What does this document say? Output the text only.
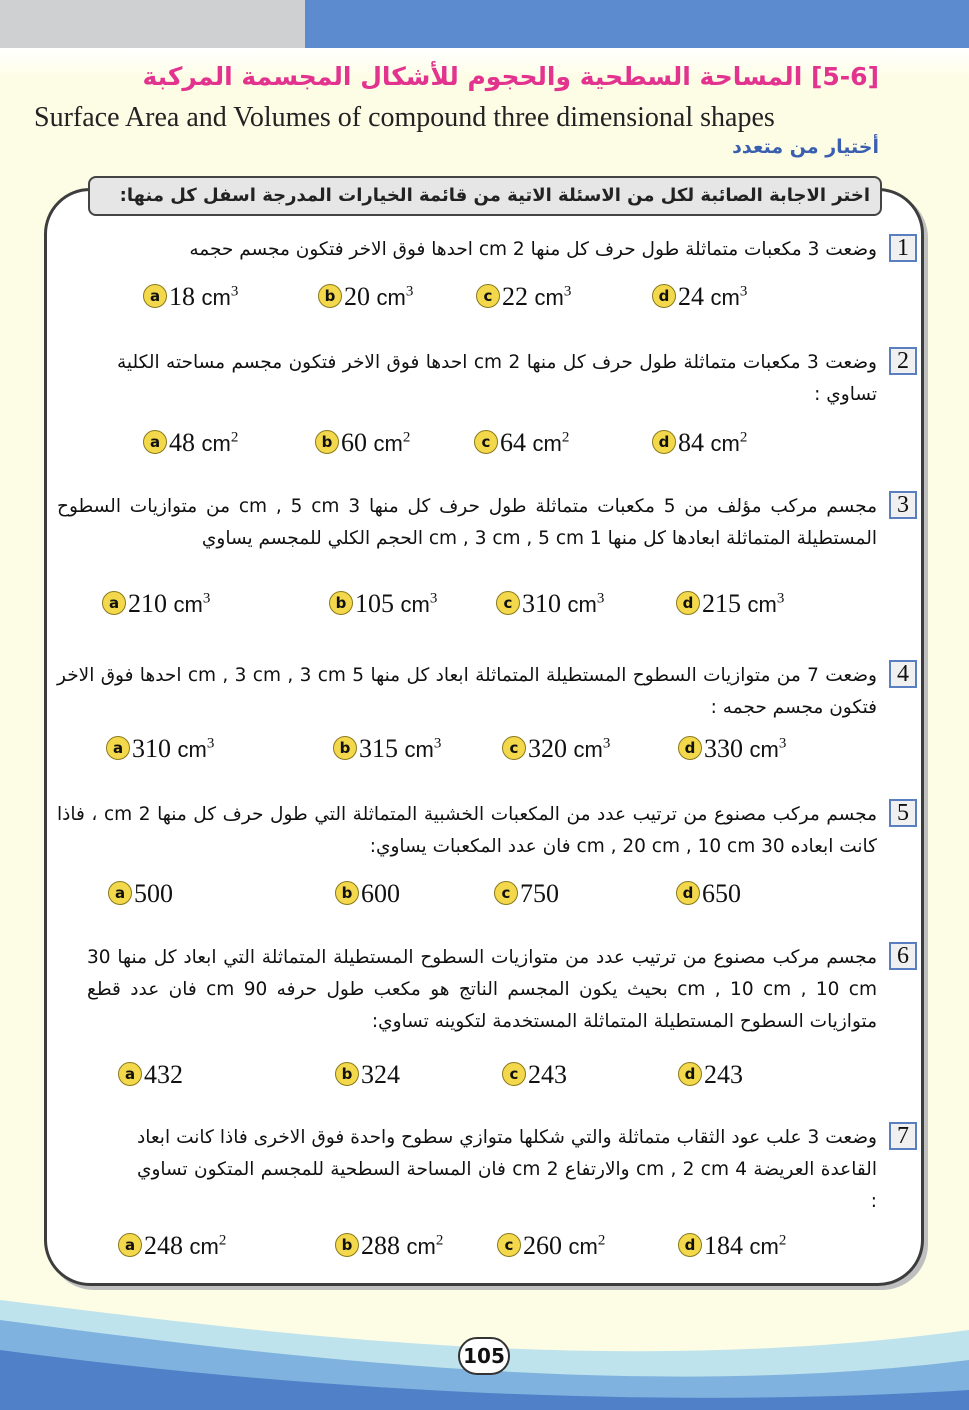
[5-6] المساحة السطحية والحجوم للأشكال المجسمة المركبة
Surface Area and Volumes of compound three dimensional shapes
أختيار من متعدد
اختر الاجابة الصائبة لكل من الاسئلة الاتية من قائمة الخيارات المدرجة اسفل كل منها:
1
وضعت 3 مكعبات متماثلة طول حرف كل منها 2 cm احدها فوق الاخر فتكون مجسم حجمه
2
وضعت 3 مكعبات متماثلة طول حرف كل منها 2 cm احدها فوق الاخر فتكون مجسم مساحته الكلية تساوي :
3
مجسم مركب مؤلف من 5 مكعبات متماثلة طول حرف كل منها 3 cm , 5 cm من متوازيات السطوح المستطيلة المتماثلة ابعادها كل منها 1 cm , 3 cm , 5 cm الحجم الكلي للمجسم يساوي
4
وضعت 7 من متوازيات السطوح المستطيلة المتماثلة ابعاد كل منها 5 cm , 3 cm , 3 cm احدها فوق الاخر فتكون مجسم حجمه :
5
مجسم مركب مصنوع من ترتيب عدد من المكعبات الخشبية المتماثلة التي طول حرف كل منها 2 cm ، فاذا كانت ابعاده 30 cm , 20 cm , 10 cm فان عدد المكعبات يساوي:
6
مجسم مركب مصنوع من ترتيب عدد من متوازيات السطوح المستطيلة المتماثلة التي ابعاد كل منها 30 cm , 10 cm , 10 cm بحيث يكون المجسم الناتج هو مكعب طول حرفه 90 cm فان عدد قطع متوازيات السطوح المستطيلة المتماثلة المستخدمة لتكوينه تساوي:
7
وضعت 3 علب عود الثقاب متماثلة والتي شكلها متوازي سطوح واحدة فوق الاخرى فاذا كانت ابعاد القاعدة العريضة 4 cm , 2 cm والارتفاع 2 cm فان المساحة السطحية للمجسم المتكون تساوي :
a 18 $cm^3$	b 20 $cm^3$	c 22 $cm^3$	d 24 $cm^3$
a 48 $cm^2$	b 60 $cm^2$	c 64 $cm^2$	d 84 $cm^2$
a 210 $cm^3$	b 105 $cm^3$	c 310 $cm^3$	d 215 $cm^3$
a 310 $cm^3$	b 315 $cm^3$	c 320 $cm^3$	d 330 $cm^3$
a 500	b 600	c 750	d 650
a 432	b 324	c 243	d 243
a 248 $cm^2$	b 288 $cm^2$	c 260 $cm^2$	d 184 $cm^2$
105
